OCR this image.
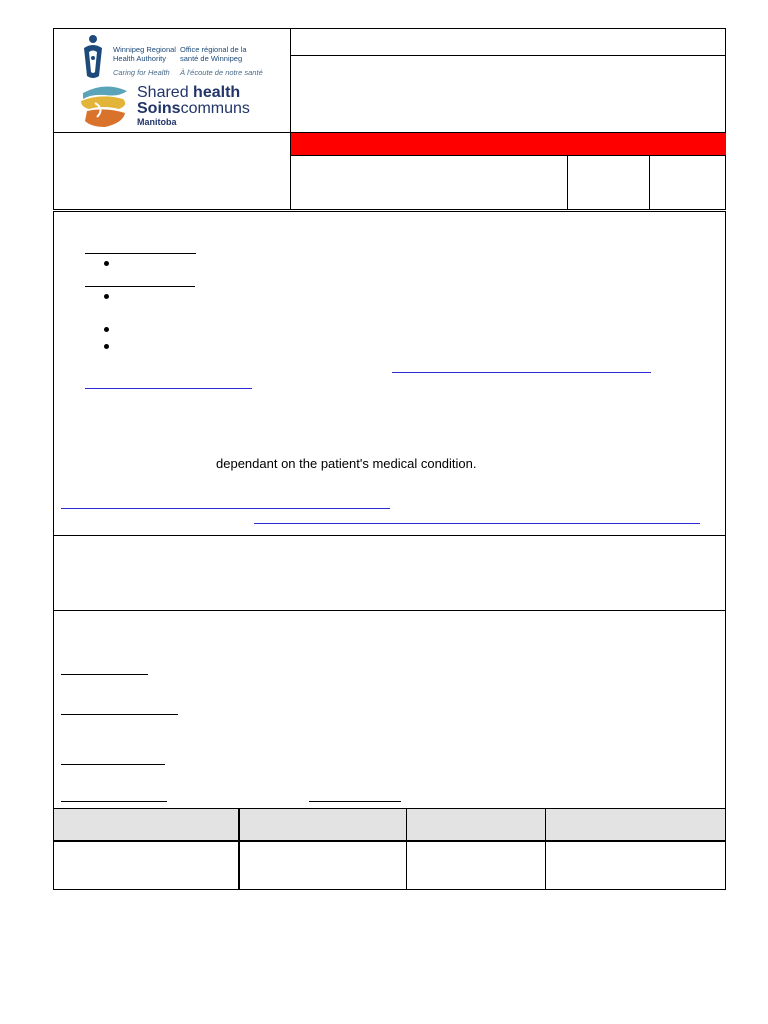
Winnipeg Regional
Health Authority
Office régional de la
santé de Winnipeg
Caring for Health À l'écoute de notre santé
Shared health
Soinscommuns
Manitoba
dependant on the patient's medical condition.
